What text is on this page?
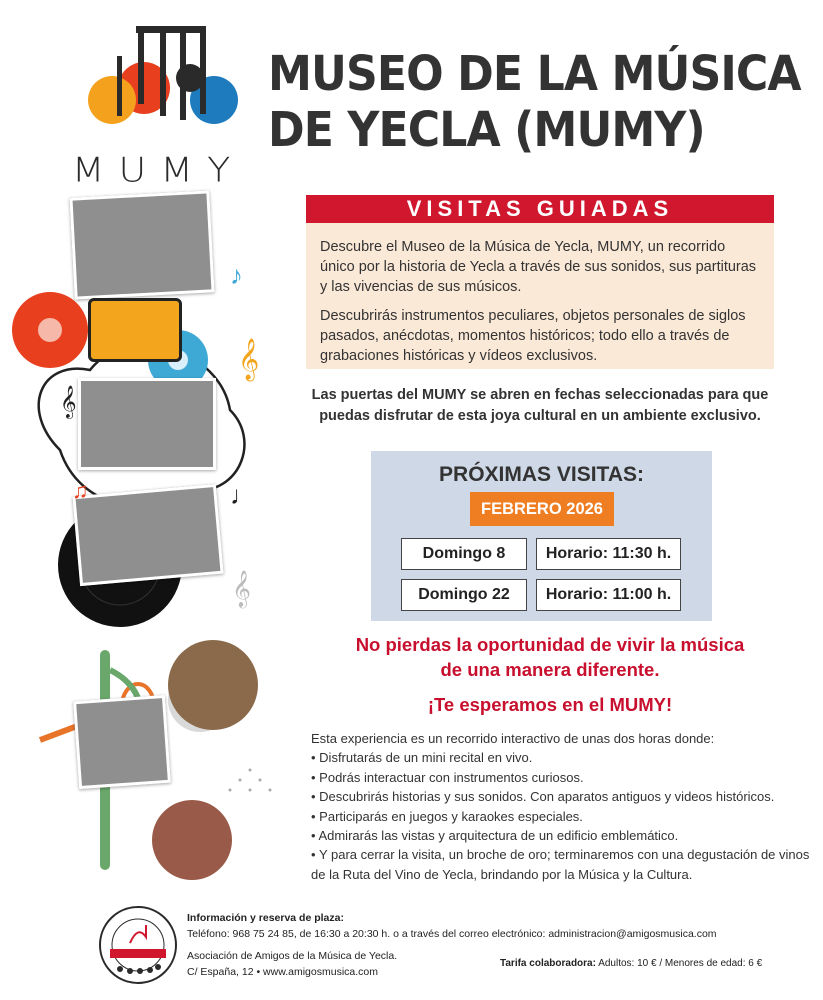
MUMY
MUSEO DE LA MÚSICA
DE YECLA (MUMY)
VISITAS GUIADAS

Descubre el Museo de la Música de Yecla, MUMY, un recorrido único por la historia de Yecla a través de sus sonidos, sus partituras y las vivencias de sus músicos.

Descubrirás instrumentos peculiares, objetos personales de siglos pasados, anécdotas, momentos históricos; todo ello a través de grabaciones históricas y vídeos exclusivos.

Las puertas del MUMY se abren en fechas seleccionadas para que puedas disfrutar de esta joya cultural en un ambiente exclusivo.
PRÓXIMAS VISITAS:
FEBRERO 2026
Domingo 8	Horario: 11:30 h.
Domingo 22	Horario: 11:00 h.
No pierdas la oportunidad de vivir la música
de una manera diferente.
¡Te esperamos en el MUMY!
Esta experiencia es un recorrido interactivo de unas dos horas donde:
• Disfrutarás de un mini recital en vivo.
• Podrás interactuar con instrumentos curiosos.
• Descubrirás historias y sus sonidos. Con aparatos antiguos y videos históricos.
• Participarás en juegos y karaokes especiales.
• Admirarás las vistas y arquitectura de un edificio emblemático.
• Y para cerrar la visita, un broche de oro; terminaremos con una degustación de vinos de la Ruta del Vino de Yecla, brindando por la Música y la Cultura.
Información y reserva de plaza:
Teléfono: 968 75 24 85, de 16:30 a 20:30 h. o a través del correo electrónico: administracion@amigosmusica.com
Asociación de Amigos de la Música de Yecla.
C/ España, 12 • www.amigosmusica.com
Tarifa colaboradora: Adultos: 10 € / Menores de edad: 6 €
♪
𝄞
𝄞
𝄞
♩
♫
